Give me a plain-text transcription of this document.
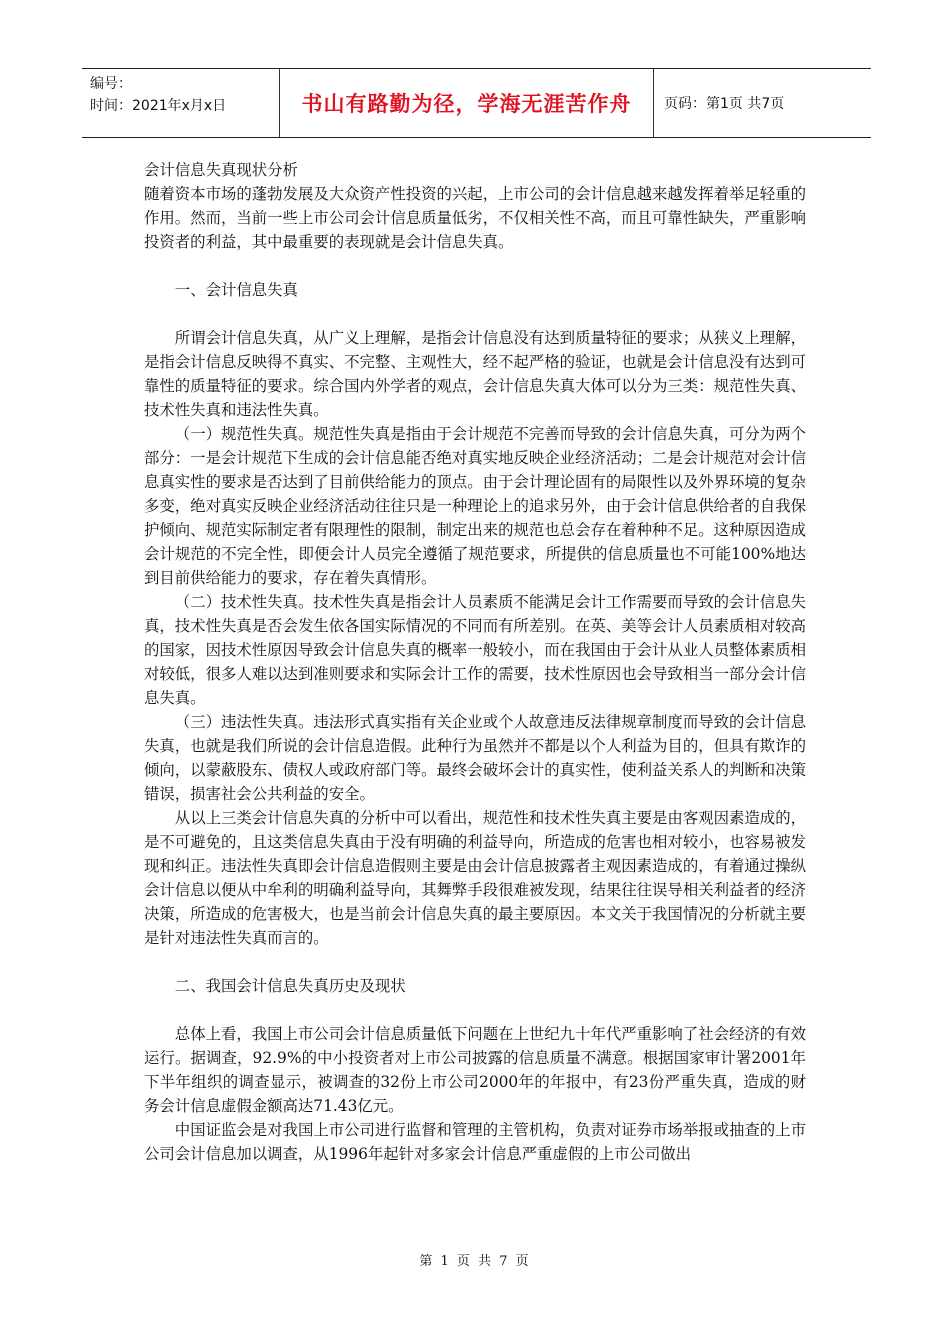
编号：
时间：2021年x月x日	书山有路勤为径，学海无涯苦作舟	页码：第1页 共7页

会计信息失真现状分析

随着资本市场的蓬勃发展及大众资产性投资的兴起，上市公司的会计信息越来越发挥着举足轻重的作用。然而，当前一些上市公司会计信息质量低劣，不仅相关性不高，而且可靠性缺失，严重影响投资者的利益，其中最重要的表现就是会计信息失真。

一、会计信息失真

所谓会计信息失真，从广义上理解，是指会计信息没有达到质量特征的要求；从狭义上理解，是指会计信息反映得不真实、不完整、主观性大，经不起严格的验证，也就是会计信息没有达到可靠性的质量特征的要求。综合国内外学者的观点，会计信息失真大体可以分为三类：规范性失真、技术性失真和违法性失真。

（一）规范性失真。规范性失真是指由于会计规范不完善而导致的会计信息失真，可分为两个部分：一是会计规范下生成的会计信息能否绝对真实地反映企业经济活动；二是会计规范对会计信息真实性的要求是否达到了目前供给能力的顶点。由于会计理论固有的局限性以及外界环境的复杂多变，绝对真实反映企业经济活动往往只是一种理论上的追求另外，由于会计信息供给者的自我保护倾向、规范实际制定者有限理性的限制，制定出来的规范也总会存在着种种不足。这种原因造成会计规范的不完全性，即便会计人员完全遵循了规范要求，所提供的信息质量也不可能100%地达到目前供给能力的要求，存在着失真情形。

（二）技术性失真。技术性失真是指会计人员素质不能满足会计工作需要而导致的会计信息失真，技术性失真是否会发生依各国实际情况的不同而有所差别。在英、美等会计人员素质相对较高的国家，因技术性原因导致会计信息失真的概率一般较小，而在我国由于会计从业人员整体素质相对较低，很多人难以达到准则要求和实际会计工作的需要，技术性原因也会导致相当一部分会计信息失真。

（三）违法性失真。违法形式真实指有关企业或个人故意违反法律规章制度而导致的会计信息失真，也就是我们所说的会计信息造假。此种行为虽然并不都是以个人利益为目的，但具有欺诈的倾向，以蒙蔽股东、债权人或政府部门等。最终会破坏会计的真实性，使利益关系人的判断和决策错误，损害社会公共利益的安全。

从以上三类会计信息失真的分析中可以看出，规范性和技术性失真主要是由客观因素造成的，是不可避免的，且这类信息失真由于没有明确的利益导向，所造成的危害也相对较小，也容易被发现和纠正。违法性失真即会计信息造假则主要是由会计信息披露者主观因素造成的，有着通过操纵会计信息以便从中牟利的明确利益导向，其舞弊手段很难被发现，结果往往误导相关利益者的经济决策，所造成的危害极大，也是当前会计信息失真的最主要原因。本文关于我国情况的分析就主要是针对违法性失真而言的。

二、我国会计信息失真历史及现状

总体上看，我国上市公司会计信息质量低下问题在上世纪九十年代严重影响了社会经济的有效运行。据调查，92.9%的中小投资者对上市公司披露的信息质量不满意。根据国家审计署2001年下半年组织的调查显示，被调查的32份上市公司2000年的年报中，有23份严重失真，造成的财务会计信息虚假金额高达71.43亿元。

中国证监会是对我国上市公司进行监督和管理的主管机构，负责对证券市场举报或抽查的上市公司会计信息加以调查，从1996年起针对多家会计信息严重虚假的上市公司做出

第 1 页 共 7 页
